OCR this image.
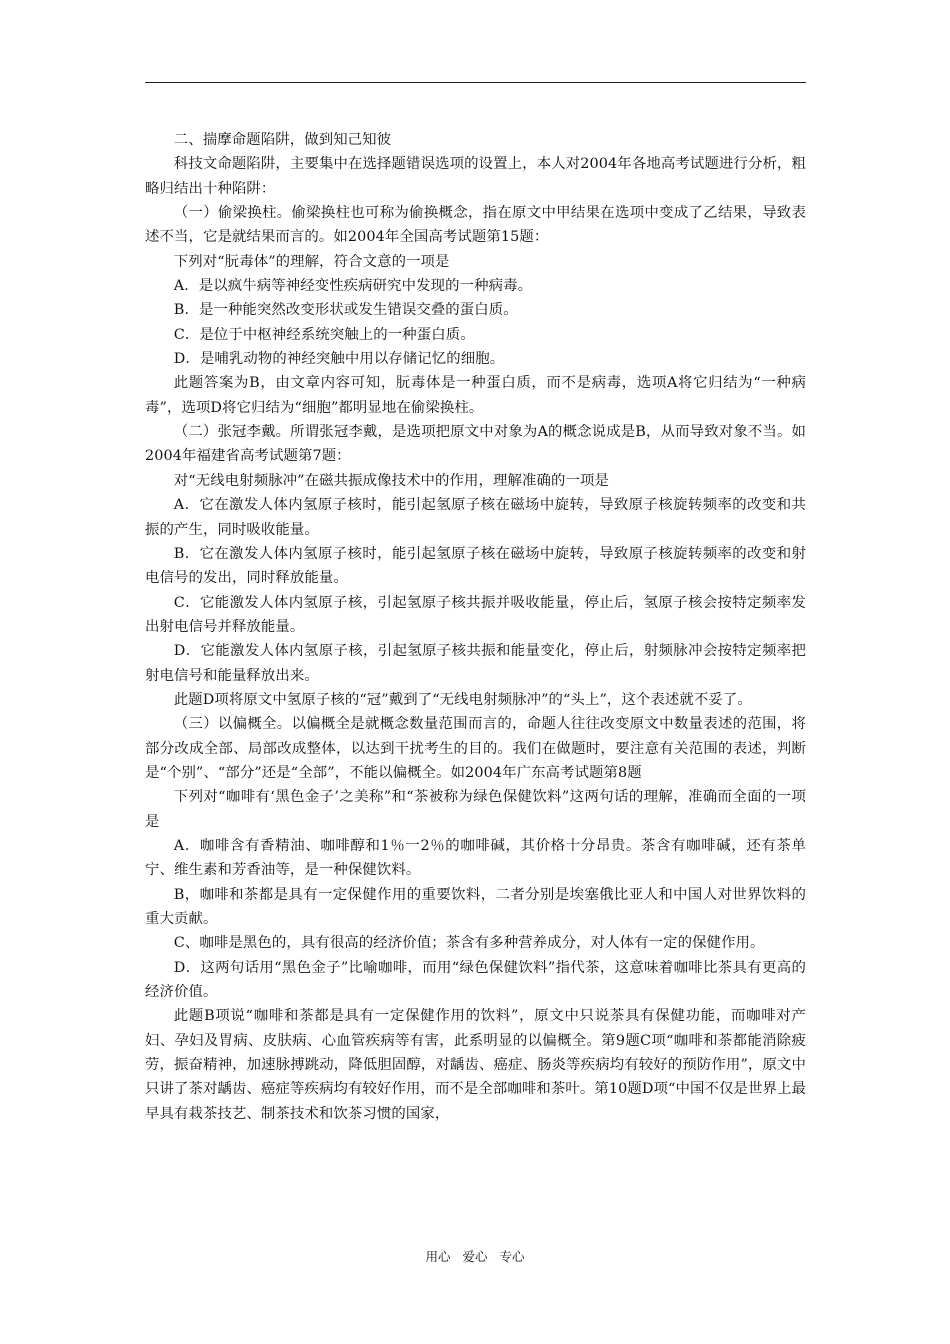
二、揣摩命题陷阱，做到知己知彼

科技文命题陷阱，主要集中在选择题错误选项的设置上，本人对2004年各地高考试题进行分析，粗略归结出十种陷阱：

（一）偷梁换柱。偷梁换柱也可称为偷换概念，指在原文中甲结果在选项中变成了乙结果，导致表述不当，它是就结果而言的。如2004年全国高考试题第15题：

下列对“朊毒体”的理解，符合文意的一项是

A．是以疯牛病等神经变性疾病研究中发现的一种病毒。

B．是一种能突然改变形状或发生错误交叠的蛋白质。

C．是位于中枢神经系统突触上的一种蛋白质。

D．是哺乳动物的神经突触中用以存储记忆的细胞。

此题答案为B，由文章内容可知，朊毒体是一种蛋白质，而不是病毒，选项A将它归结为“一种病毒”，选项D将它归结为“细胞”都明显地在偷梁换柱。

（二）张冠李戴。所谓张冠李戴，是选项把原文中对象为A的概念说成是B，从而导致对象不当。如2004年福建省高考试题第7题：

对“无线电射频脉冲”在磁共振成像技术中的作用，理解准确的一项是

A．它在激发人体内氢原子核时，能引起氢原子核在磁场中旋转，导致原子核旋转频率的改变和共振的产生，同时吸收能量。

B．它在激发人体内氢原子核时，能引起氢原子核在磁场中旋转，导致原子核旋转频率的改变和射电信号的发出，同时释放能量。

C．它能激发人体内氢原子核，引起氢原子核共振并吸收能量，停止后，氢原子核会按特定频率发出射电信号并释放能量。

D．它能激发人体内氢原子核，引起氢原子核共振和能量变化，停止后，射频脉冲会按特定频率把射电信号和能量释放出来。

此题D项将原文中氢原子核的“冠”戴到了“无线电射频脉冲”的“头上”，这个表述就不妥了。

（三）以偏概全。以偏概全是就概念数量范围而言的，命题人往往改变原文中数量表述的范围，将部分改成全部、局部改成整体，以达到干扰考生的目的。我们在做题时，要注意有关范围的表述，判断是“个别”、“部分”还是“全部”，不能以偏概全。如2004年广东高考试题第8题

下列对“咖啡有‘黑色金子’之美称”和“茶被称为绿色保健饮料”这两句话的理解，准确而全面的一项是

A．咖啡含有香精油、咖啡醇和1％一2％的咖啡碱，其价格十分昂贵。茶含有咖啡碱，还有茶单宁、维生素和芳香油等，是一种保健饮料。

B，咖啡和茶都是具有一定保健作用的重要饮料，二者分别是埃塞俄比亚人和中国人对世界饮料的重大贡献。

C、咖啡是黑色的，具有很高的经济价值；茶含有多种营养成分，对人体有一定的保健作用。

D．这两句话用“黑色金子”比喻咖啡，而用“绿色保健饮料”指代茶，这意味着咖啡比茶具有更高的经济价值。

此题B项说“咖啡和茶都是具有一定保健作用的饮料”，原文中只说茶具有保健功能，而咖啡对产妇、孕妇及胃病、皮肤病、心血管疾病等有害，此系明显的以偏概全。第9题C项“咖啡和茶都能消除疲劳，振奋精神，加速脉搏跳动，降低胆固醇，对龋齿、癌症、肠炎等疾病均有较好的预防作用”，原文中只讲了茶对龋齿、癌症等疾病均有较好作用，而不是全部咖啡和茶叶。第10题D项“中国不仅是世界上最早具有栽茶技艺、制茶技术和饮茶习惯的国家，

用心 爱心 专心
